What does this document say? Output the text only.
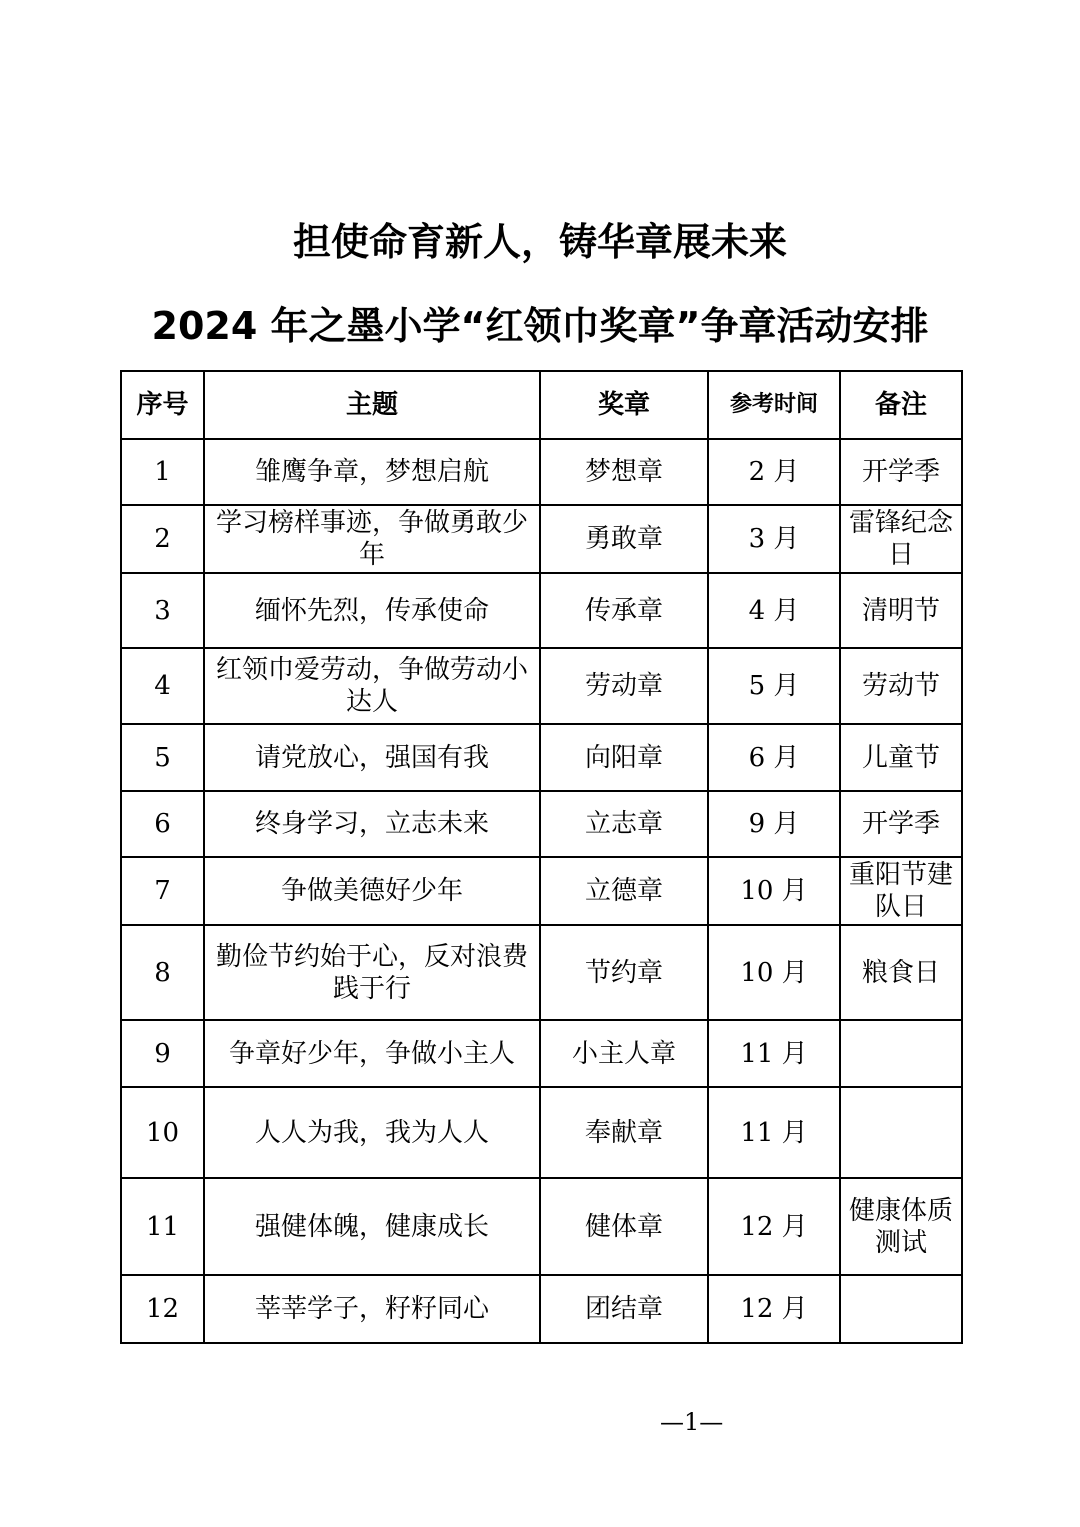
担使命育新人，铸华章展未来
2024 年之墨小学“红领巾奖章”争章活动安排
序号	主题	奖章	参考时间	备注
1	雏鹰争章，梦想启航	梦想章	2 月	开学季
2	学习榜样事迹，争做勇敢少年	勇敢章	3 月	雷锋纪念日
3	缅怀先烈，传承使命	传承章	4 月	清明节
4	红领巾爱劳动，争做劳动小达人	劳动章	5 月	劳动节
5	请党放心，强国有我	向阳章	6 月	儿童节
6	终身学习，立志未来	立志章	9 月	开学季
7	争做美德好少年	立德章	10 月	重阳节建队日
8	勤俭节约始于心，反对浪费践于行	节约章	10 月	粮食日
9	争章好少年，争做小主人	小主人章	11 月	
10	人人为我，我为人人	奉献章	11 月	
11	强健体魄，健康成长	健体章	12 月	健康体质测试
12	莘莘学子，籽籽同心	团结章	12 月	
—1—
